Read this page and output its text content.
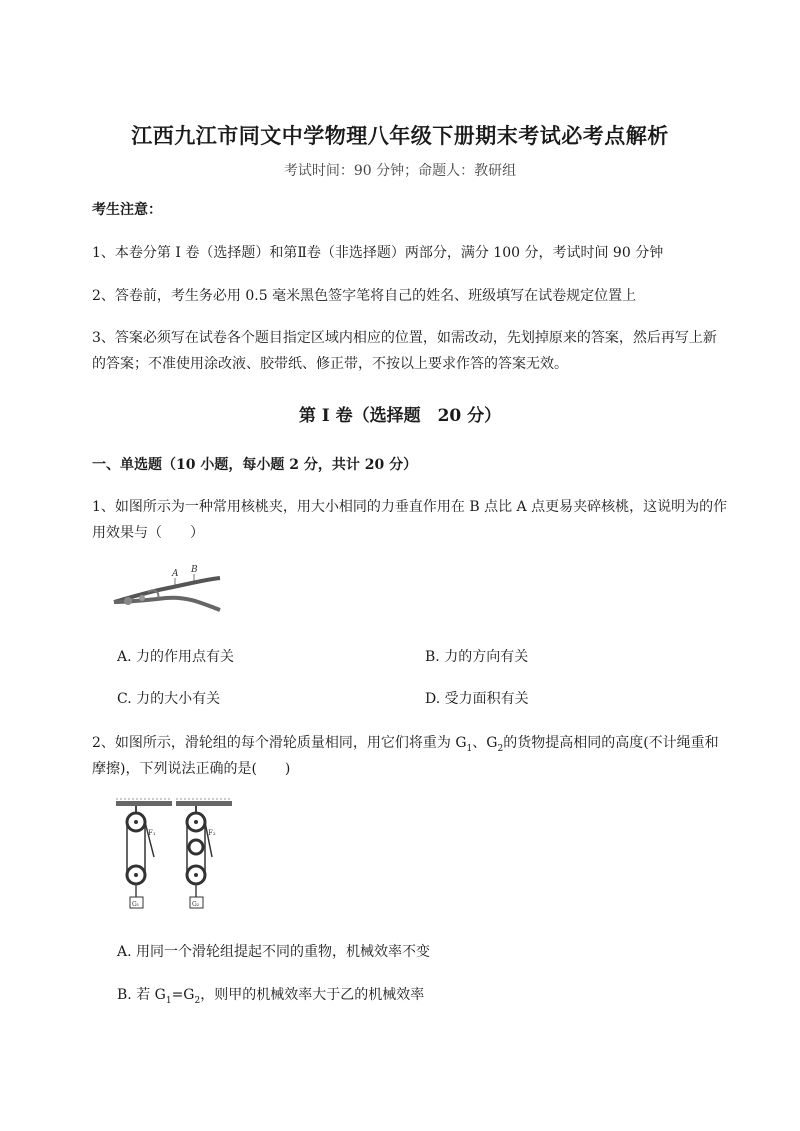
江西九江市同文中学物理八年级下册期末考试必考点解析
考试时间：90 分钟；命题人：教研组
考生注意：
1、本卷分第 I 卷（选择题）和第Ⅱ卷（非选择题）两部分，满分 100 分，考试时间 90 分钟
2、答卷前，考生务必用 0.5 毫米黑色签字笔将自己的姓名、班级填写在试卷规定位置上
3、答案必须写在试卷各个题目指定区域内相应的位置，如需改动，先划掉原来的答案，然后再写上新
的答案；不准使用涂改液、胶带纸、修正带，不按以上要求作答的答案无效。
第 I 卷（选择题　20 分）
一、单选题（10 小题，每小题 2 分，共计 20 分）
1、如图所示为一种常用核桃夹，用大小相同的力垂直作用在 B 点比 A 点更易夹碎核桃，这说明为的作
用效果与（　　）
A B
A. 力的作用点有关	B. 力的方向有关
C. 力的大小有关	D. 受力面积有关
2、如图所示，滑轮组的每个滑轮质量相同，用它们将重为 $G_1$、$G_2$的货物提高相同的高度(不计绳重和
摩擦)，下列说法正确的是(　　)
F₁
G₁
F₂
G₂
A. 用同一个滑轮组提起不同的重物，机械效率不变
B. 若 $G_1=G_2$，则甲的机械效率大于乙的机械效率
